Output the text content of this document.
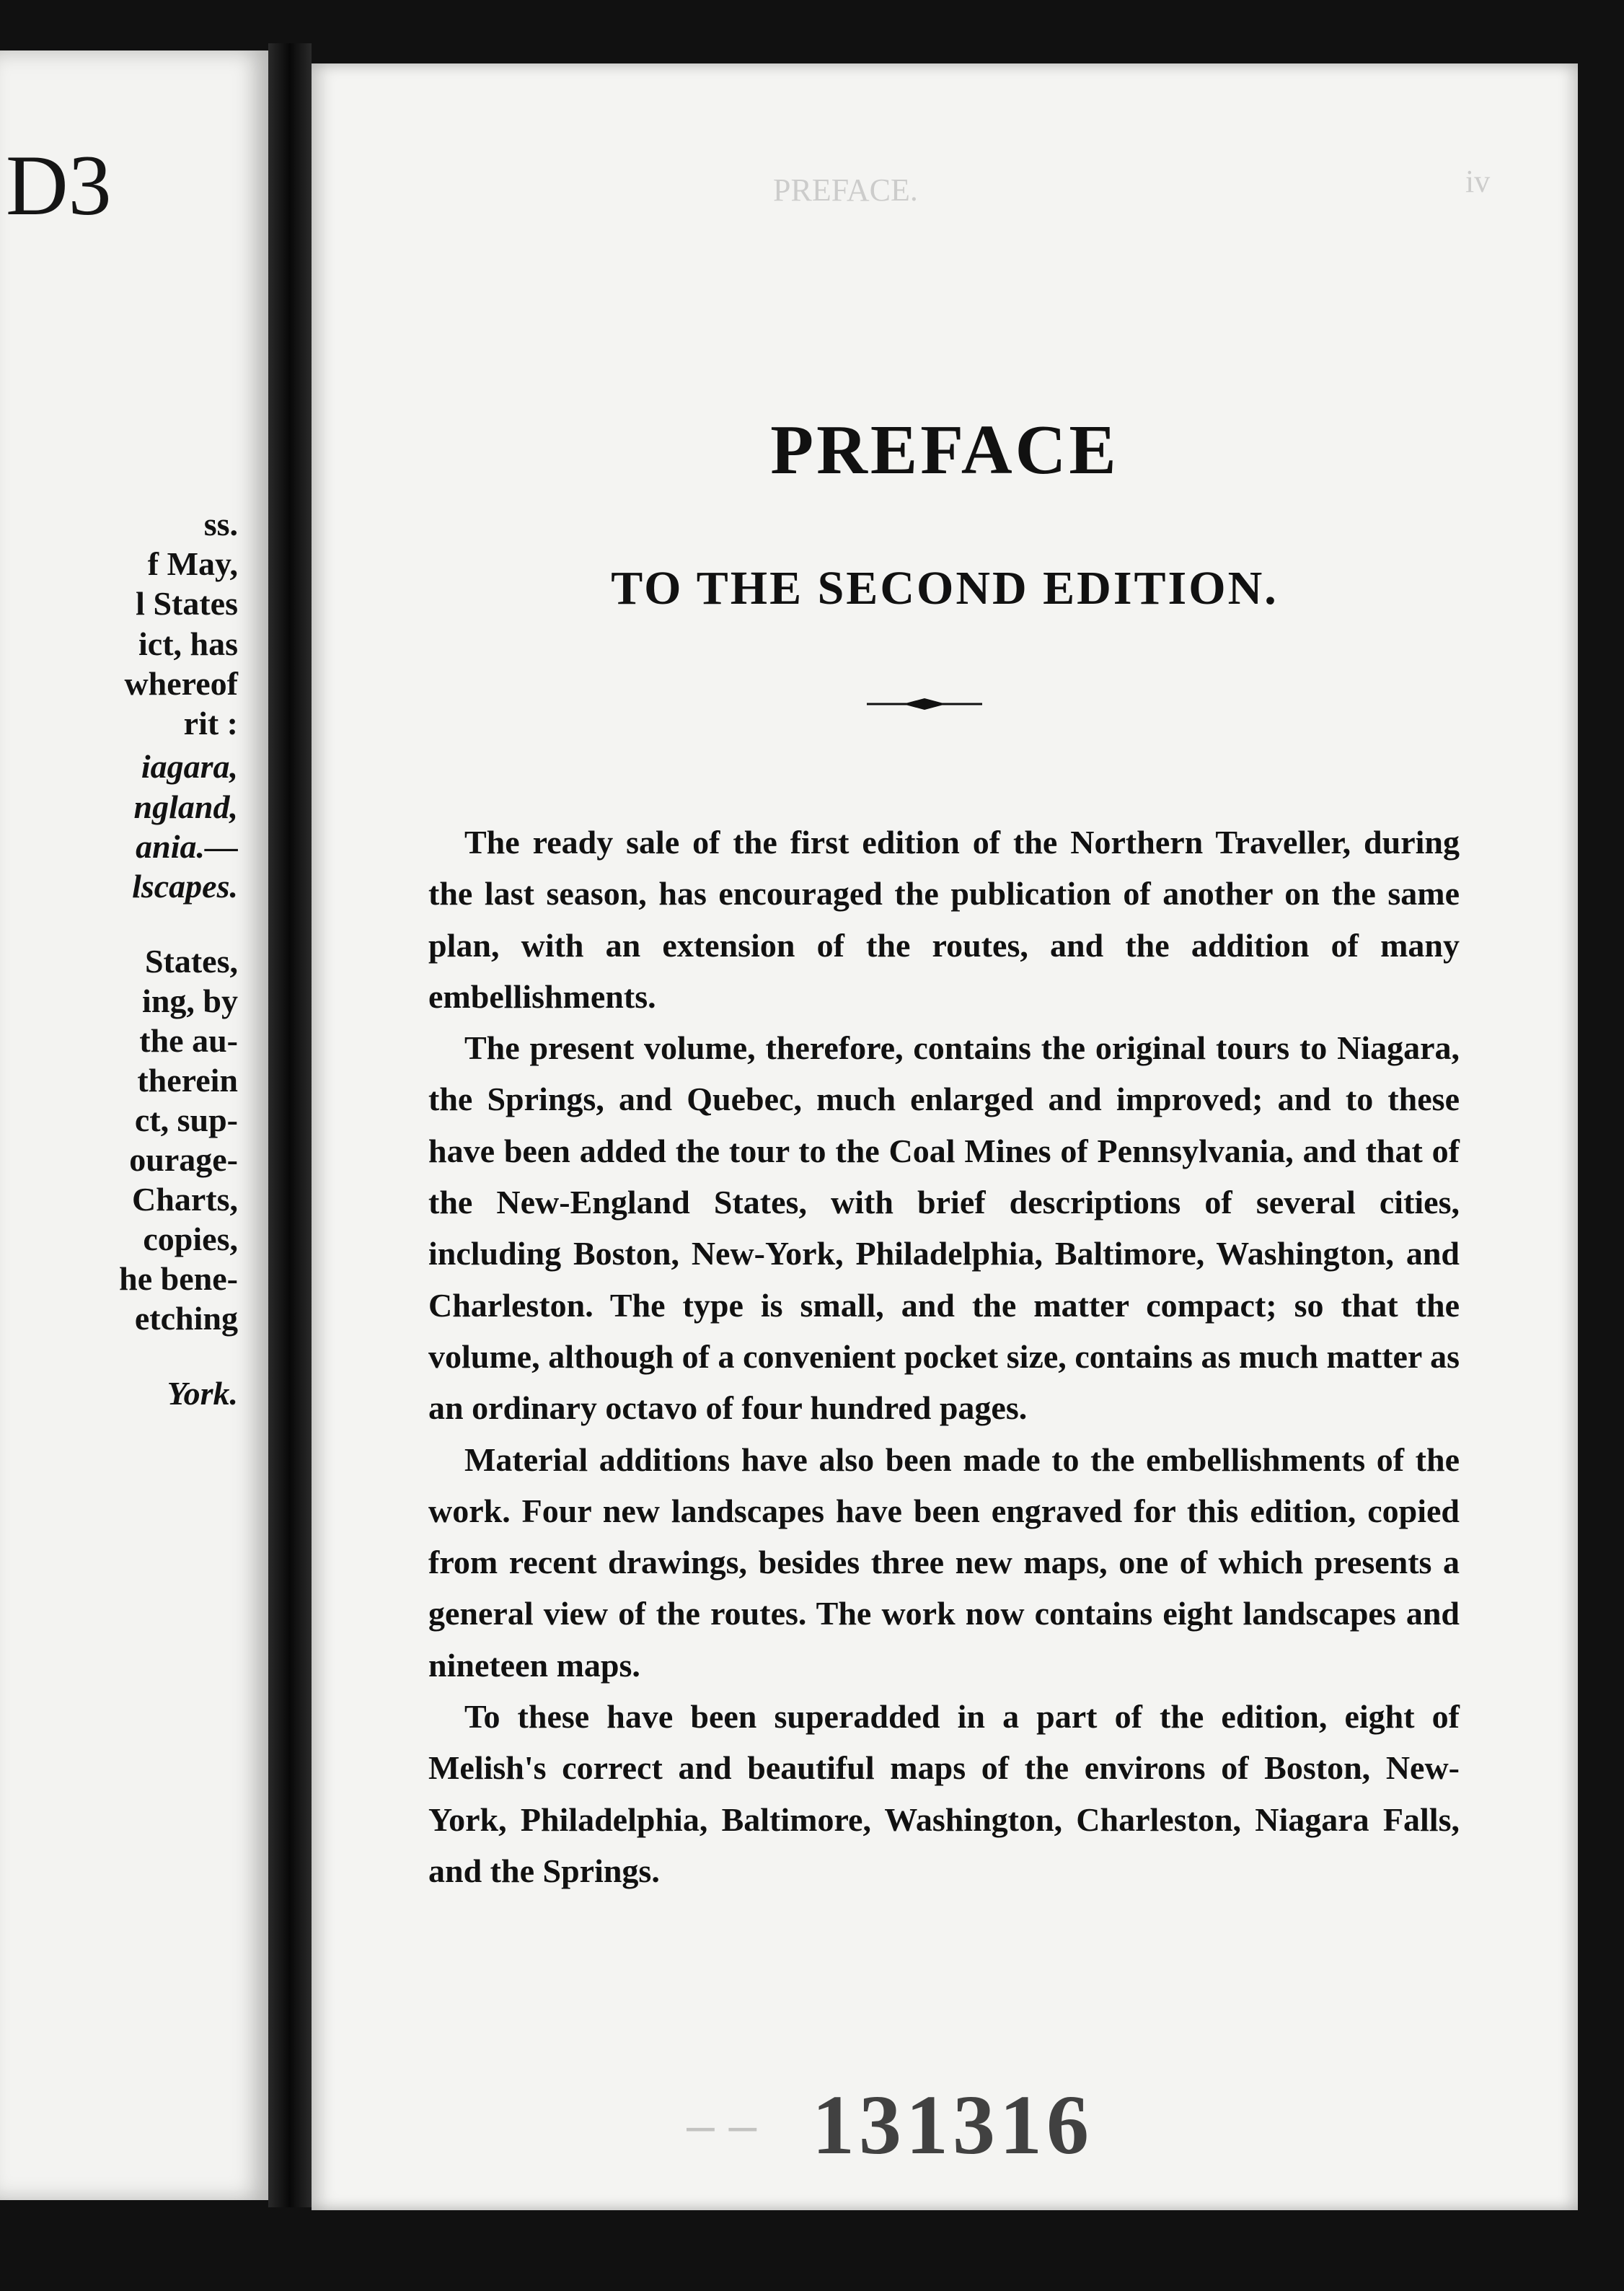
D3
ss.
f May,
l States
ict, has
whereof
rit :
iagara,
ngland,
ania.—
lscapes.
States,
ing, by
the au-
therein
ct, sup-
ourage-
Charts,
copies,
he bene-
etching
York.
PREFACE.	iv
PREFACE
TO THE SECOND EDITION.

The ready sale of the first edition of the Northern Traveller, during the last season, has encouraged the publication of another on the same plan, with an extension of the routes, and the addition of many embellishments.

The present volume, therefore, contains the original tours to Niagara, the Springs, and Quebec, much enlarged and improved; and to these have been added the tour to the Coal Mines of Pennsylvania, and that of the New-England States, with brief descriptions of several cities, including Boston, New-York, Philadelphia, Baltimore, Washington, and Charleston. The type is small, and the matter compact; so that the volume, although of a convenient pocket size, contains as much matter as an ordinary octavo of four hundred pages.

Material additions have also been made to the embellishments of the work. Four new landscapes have been engraved for this edition, copied from recent drawings, besides three new maps, one of which presents a general view of the routes. The work now contains eight landscapes and nineteen maps.

To these have been superadded in a part of the edition, eight of Melish's correct and beautiful maps of the environs of Boston, New-York, Philadelphia, Baltimore, Washington, Charleston, Niagara Falls, and the Springs.

– – 131316
